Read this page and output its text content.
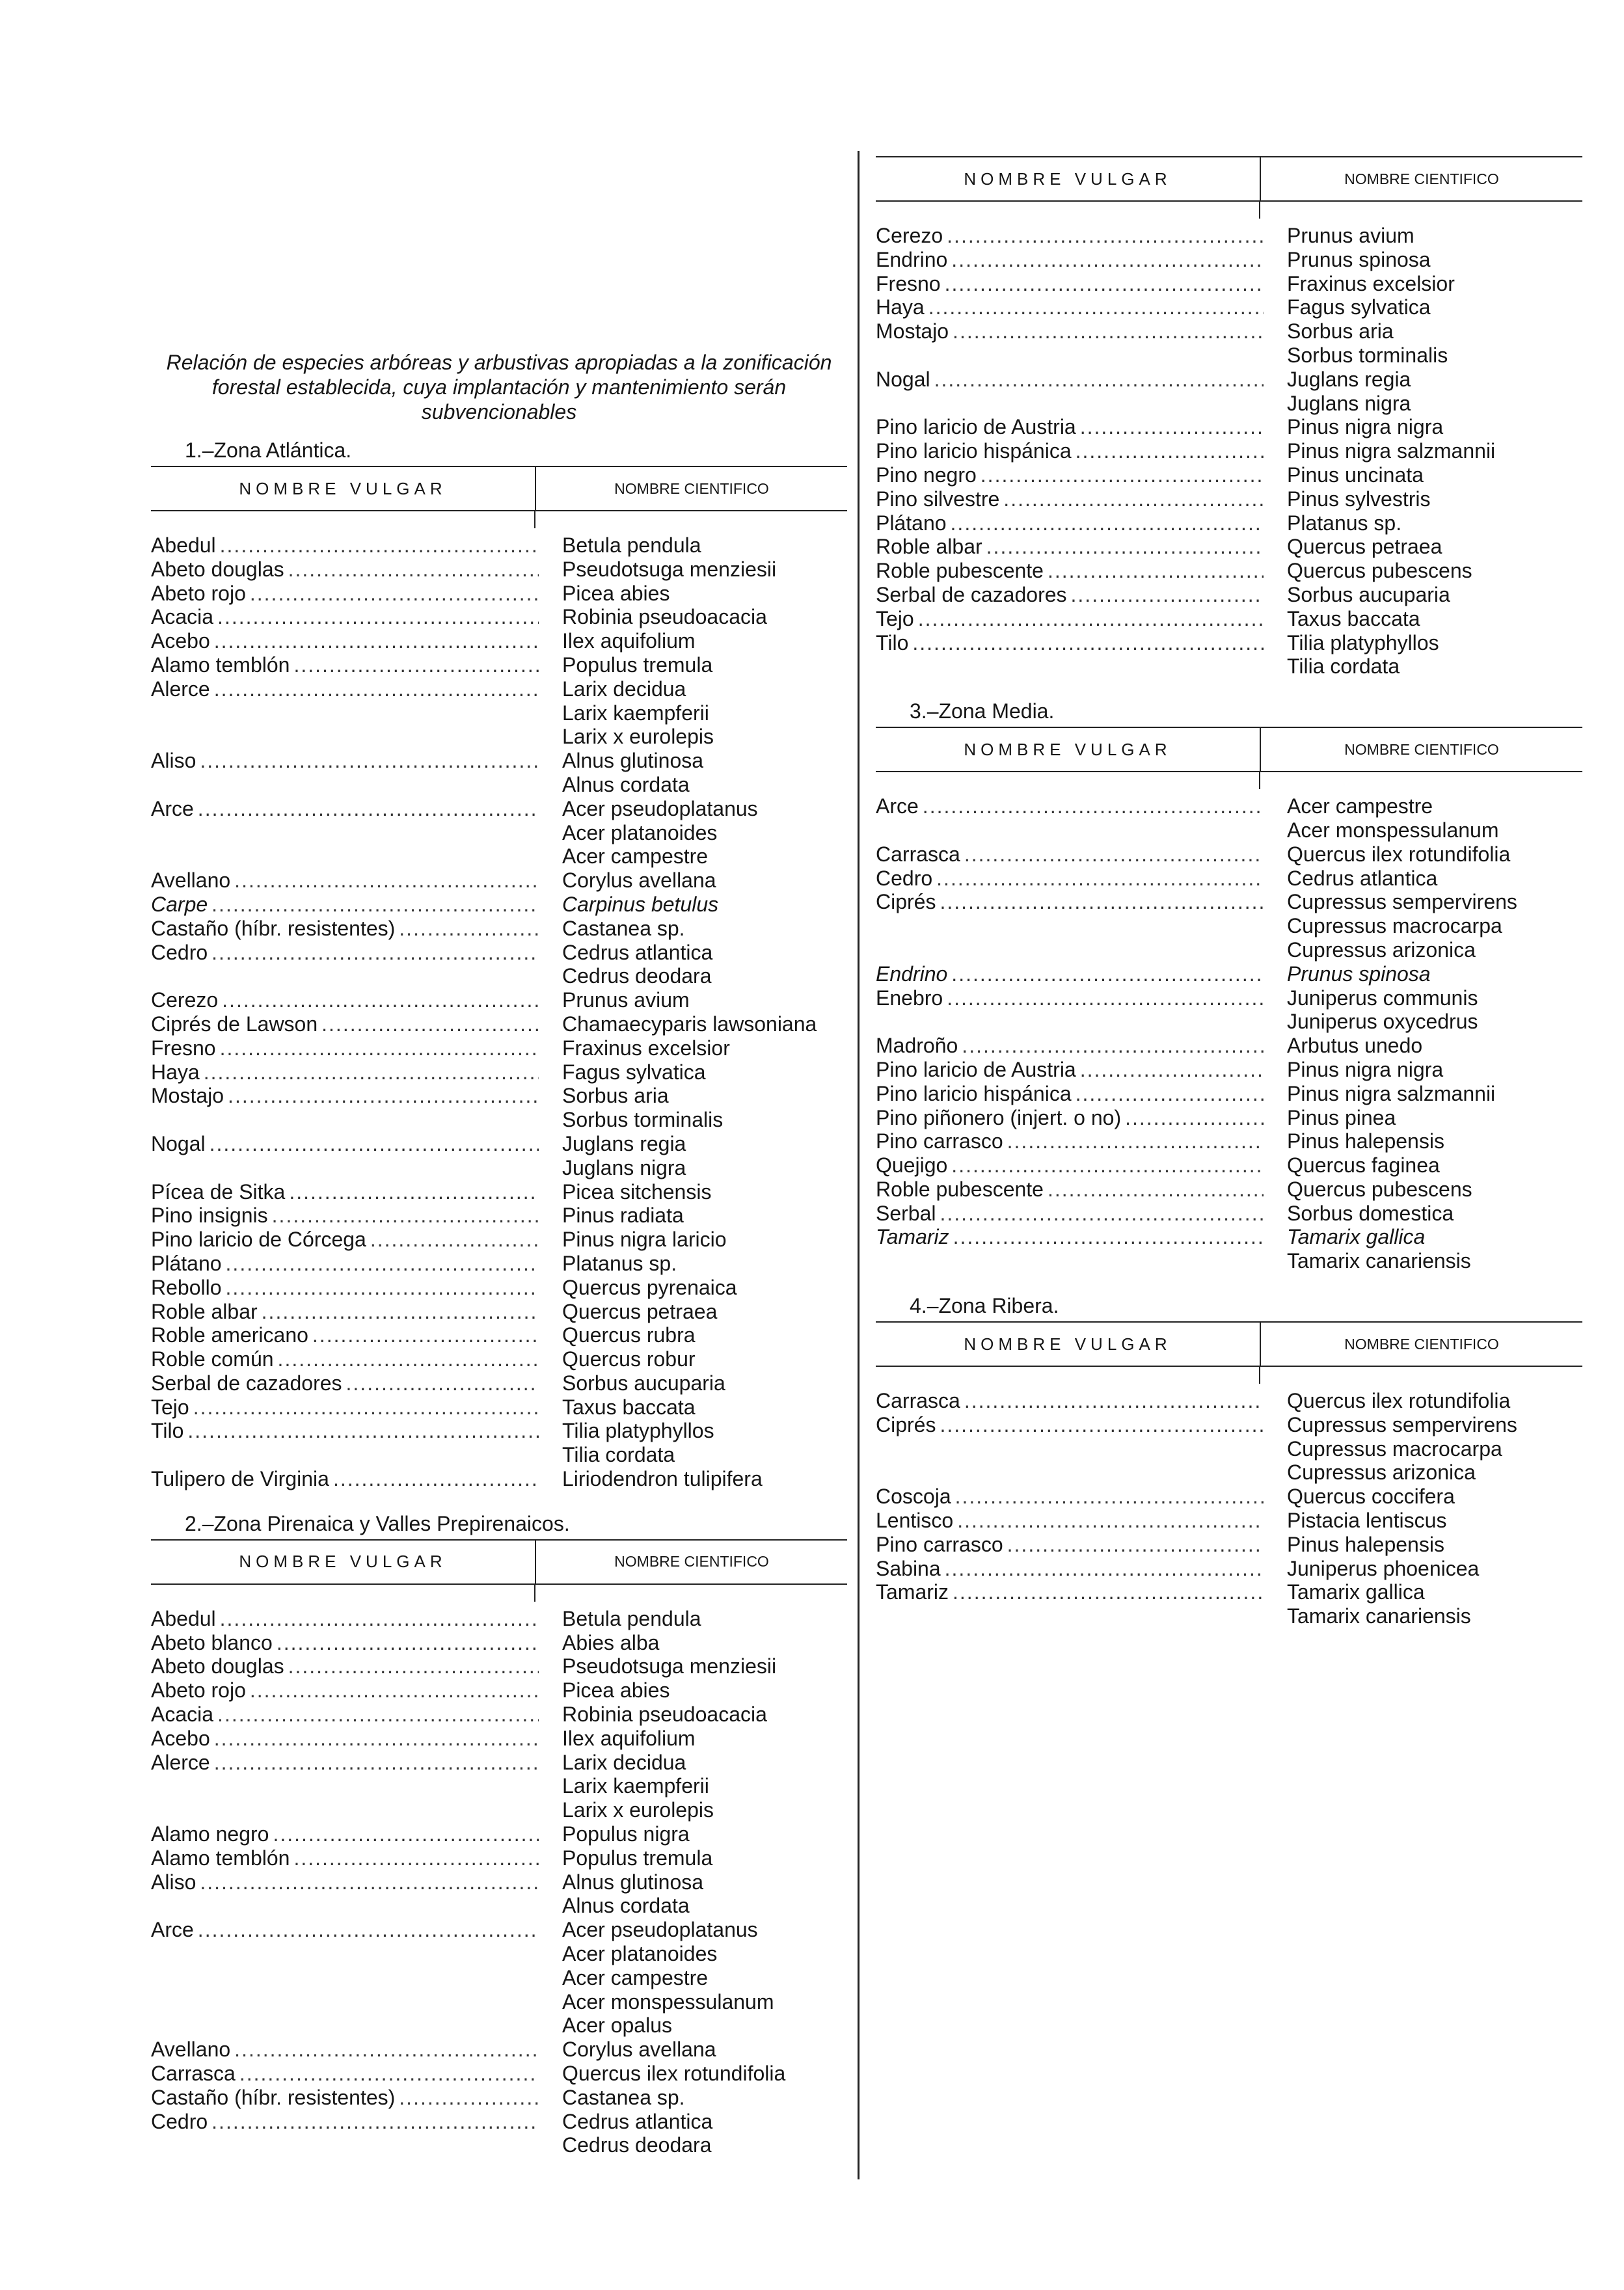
Relación de especies arbóreas y arbustivas apropiadas a la zonificación forestal establecida, cuya implantación y mantenimiento serán subvencionables
1.–Zona Atlántica.
NOMBRE VULGAR	NOMBRE CIENTIFICO
Abedul .....	Betula pendula
Abeto douglas .....	Pseudotsuga menziesii
Abeto rojo .....	Picea abies
Acacia .....	Robinia pseudoacacia
Acebo .....	Ilex aquifolium
Alamo temblón .....	Populus tremula
Alerce .....	Larix decidua
Larix kaempferii
Larix x eurolepis
Aliso .....	Alnus glutinosa
Alnus cordata
Arce .....	Acer pseudoplatanus
Acer platanoides
Acer campestre
Avellano .....	Corylus avellana
Carpe .....	Carpinus betulus
Castaño (híbr. resistentes) .....	Castanea sp.
Cedro .....	Cedrus atlantica
Cedrus deodara
Cerezo .....	Prunus avium
Ciprés de Lawson .....	Chamaecyparis lawsoniana
Fresno .....	Fraxinus excelsior
Haya .....	Fagus sylvatica
Mostajo .....	Sorbus aria
Sorbus torminalis
Nogal .....	Juglans regia
Juglans nigra
Pícea de Sitka .....	Picea sitchensis
Pino insignis .....	Pinus radiata
Pino laricio de Córcega .....	Pinus nigra laricio
Plátano .....	Platanus sp.
Rebollo .....	Quercus pyrenaica
Roble albar .....	Quercus petraea
Roble americano .....	Quercus rubra
Roble común .....	Quercus robur
Serbal de cazadores .....	Sorbus aucuparia
Tejo .....	Taxus baccata
Tilo .....	Tilia platyphyllos
Tilia cordata
Tulipero de Virginia .....	Liriodendron tulipifera
2.–Zona Pirenaica y Valles Prepirenaicos.
NOMBRE VULGAR	NOMBRE CIENTIFICO
Abedul .....	Betula pendula
Abeto blanco .....	Abies alba
Abeto douglas .....	Pseudotsuga menziesii
Abeto rojo .....	Picea abies
Acacia .....	Robinia pseudoacacia
Acebo .....	Ilex aquifolium
Alerce .....	Larix decidua
Larix kaempferii
Larix x eurolepis
Alamo negro .....	Populus nigra
Alamo temblón .....	Populus tremula
Aliso .....	Alnus glutinosa
Alnus cordata
Arce .....	Acer pseudoplatanus
Acer platanoides
Acer campestre
Acer monspessulanum
Acer opalus
Avellano .....	Corylus avellana
Carrasca .....	Quercus ilex rotundifolia
Castaño (híbr. resistentes) .....	Castanea sp.
Cedro .....	Cedrus atlantica
Cedrus deodara
NOMBRE VULGAR	NOMBRE CIENTIFICO
Cerezo .....	Prunus avium
Endrino .....	Prunus spinosa
Fresno .....	Fraxinus excelsior
Haya .....	Fagus sylvatica
Mostajo .....	Sorbus aria
Sorbus torminalis
Nogal .....	Juglans regia
Juglans nigra
Pino laricio de Austria .....	Pinus nigra nigra
Pino laricio hispánica .....	Pinus nigra salzmannii
Pino negro .....	Pinus uncinata
Pino silvestre .....	Pinus sylvestris
Plátano .....	Platanus sp.
Roble albar .....	Quercus petraea
Roble pubescente .....	Quercus pubescens
Serbal de cazadores .....	Sorbus aucuparia
Tejo .....	Taxus baccata
Tilo .....	Tilia platyphyllos
Tilia cordata
3.–Zona Media.
NOMBRE VULGAR	NOMBRE CIENTIFICO
Arce .....	Acer campestre
Acer monspessulanum
Carrasca .....	Quercus ilex rotundifolia
Cedro .....	Cedrus atlantica
Ciprés .....	Cupressus sempervirens
Cupressus macrocarpa
Cupressus arizonica
Endrino .....	Prunus spinosa
Enebro .....	Juniperus communis
Juniperus oxycedrus
Madroño .....	Arbutus unedo
Pino laricio de Austria .....	Pinus nigra nigra
Pino laricio hispánica .....	Pinus nigra salzmannii
Pino piñonero (injert. o no) .....	Pinus pinea
Pino carrasco .....	Pinus halepensis
Quejigo .....	Quercus faginea
Roble pubescente .....	Quercus pubescens
Serbal .....	Sorbus domestica
Tamariz .....	Tamarix gallica
Tamarix canariensis
4.–Zona Ribera.
NOMBRE VULGAR	NOMBRE CIENTIFICO
Carrasca .....	Quercus ilex rotundifolia
Ciprés .....	Cupressus sempervirens
Cupressus macrocarpa
Cupressus arizonica
Coscoja .....	Quercus coccifera
Lentisco .....	Pistacia lentiscus
Pino carrasco .....	Pinus halepensis
Sabina .....	Juniperus phoenicea
Tamariz .....	Tamarix gallica
Tamarix canariensis
